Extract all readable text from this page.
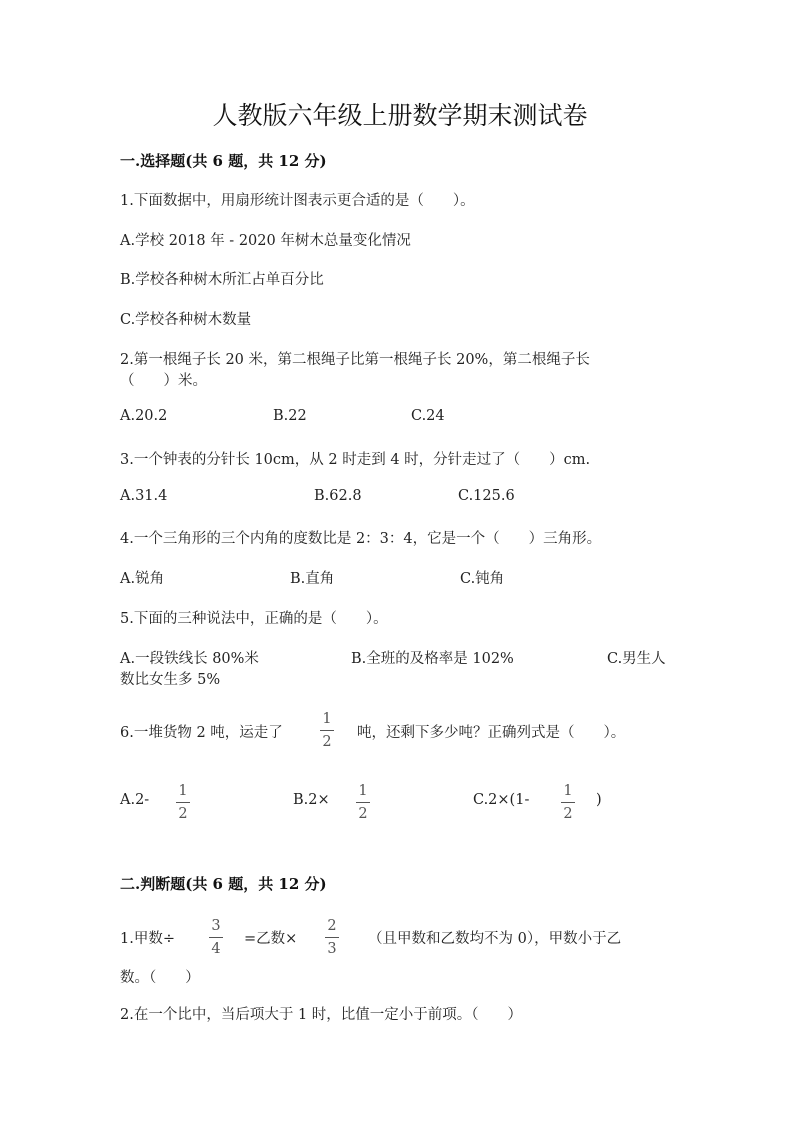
人教版六年级上册数学期末测试卷
一.选择题(共 6 题，共 12 分)
1.下面数据中，用扇形统计图表示更合适的是（　　）。
A.学校 2018 年 - 2020 年树木总量变化情况
B.学校各种树木所汇占单百分比
C.学校各种树木数量
2.第一根绳子长 20 米，第二根绳子比第一根绳子长 20%，第二根绳子长
（　　）米。
A.20.2	B.22	C.24
3.一个钟表的分针长 10cm，从 2 时走到 4 时，分针走过了（　　）cm.
A.31.4	B.62.8	C.125.6
4.一个三角形的三个内角的度数比是 2：3：4，它是一个（　　）三角形。
A.锐角	B.直角	C.钝角
5.下面的三种说法中，正确的是（　　）。
A.一段铁线长 80%米	B.全班的及格率是 102%	C.男生人
数比女生多 5%
6.一堆货物 2 吨，运走了
1
2
吨，还剩下多少吨？正确列式是（　　）。
A.2-
1
2
B.2×
1
2
C.2×(1-
1
2
)
二.判断题(共 6 题，共 12 分)
1.甲数÷
3
4
=乙数×
2
3
（且甲数和乙数均不为 0），甲数小于乙
数。（　　）
2.在一个比中，当后项大于 1 时，比值一定小于前项。（　　）
